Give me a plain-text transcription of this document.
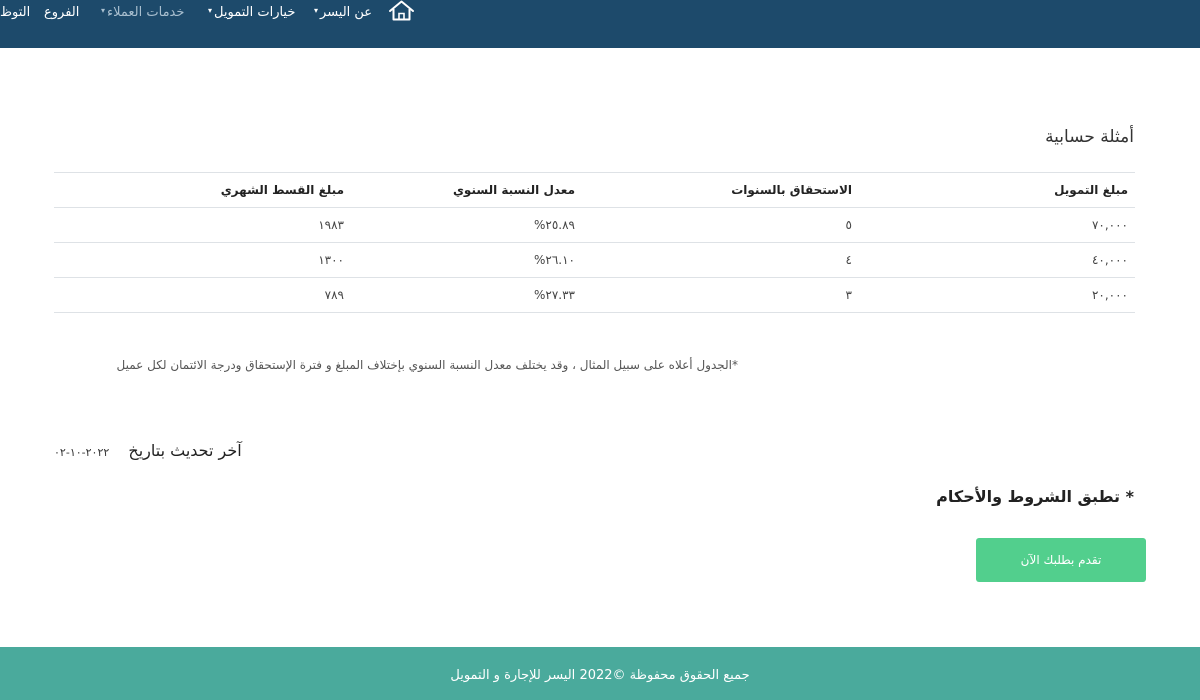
التوظ الفروع	▾ خدمات العملاء	▾ خيارات التمويل ▾ عن اليسر
أمثلة حسابية
مبلغ التمويل	الاستحقاق بالسنوات	معدل النسبة السنوي	مبلغ القسط الشهري
٧٠,٠٠٠	٥	٢٥.٨٩%	١٩٨٣
٤٠,٠٠٠	٤	٢٦.١٠%	١٣٠٠
٢٠,٠٠٠	٣	٢٧.٣٣%	٧٨٩
*الجدول أعلاه على سبيل المثال ، وقد يختلف معدل النسبة السنوي بإختلاف المبلغ و فترة الإستحقاق ودرجة الائتمان لكل عميل
آخر تحديث بتاريخ ٢٠٢٢-١٠-٠٢
* تطبق الشروط والأحكام
تقدم بطلبك الآن
جميع الحقوق محفوظة ©2022 اليسر للإجارة و التمويل
